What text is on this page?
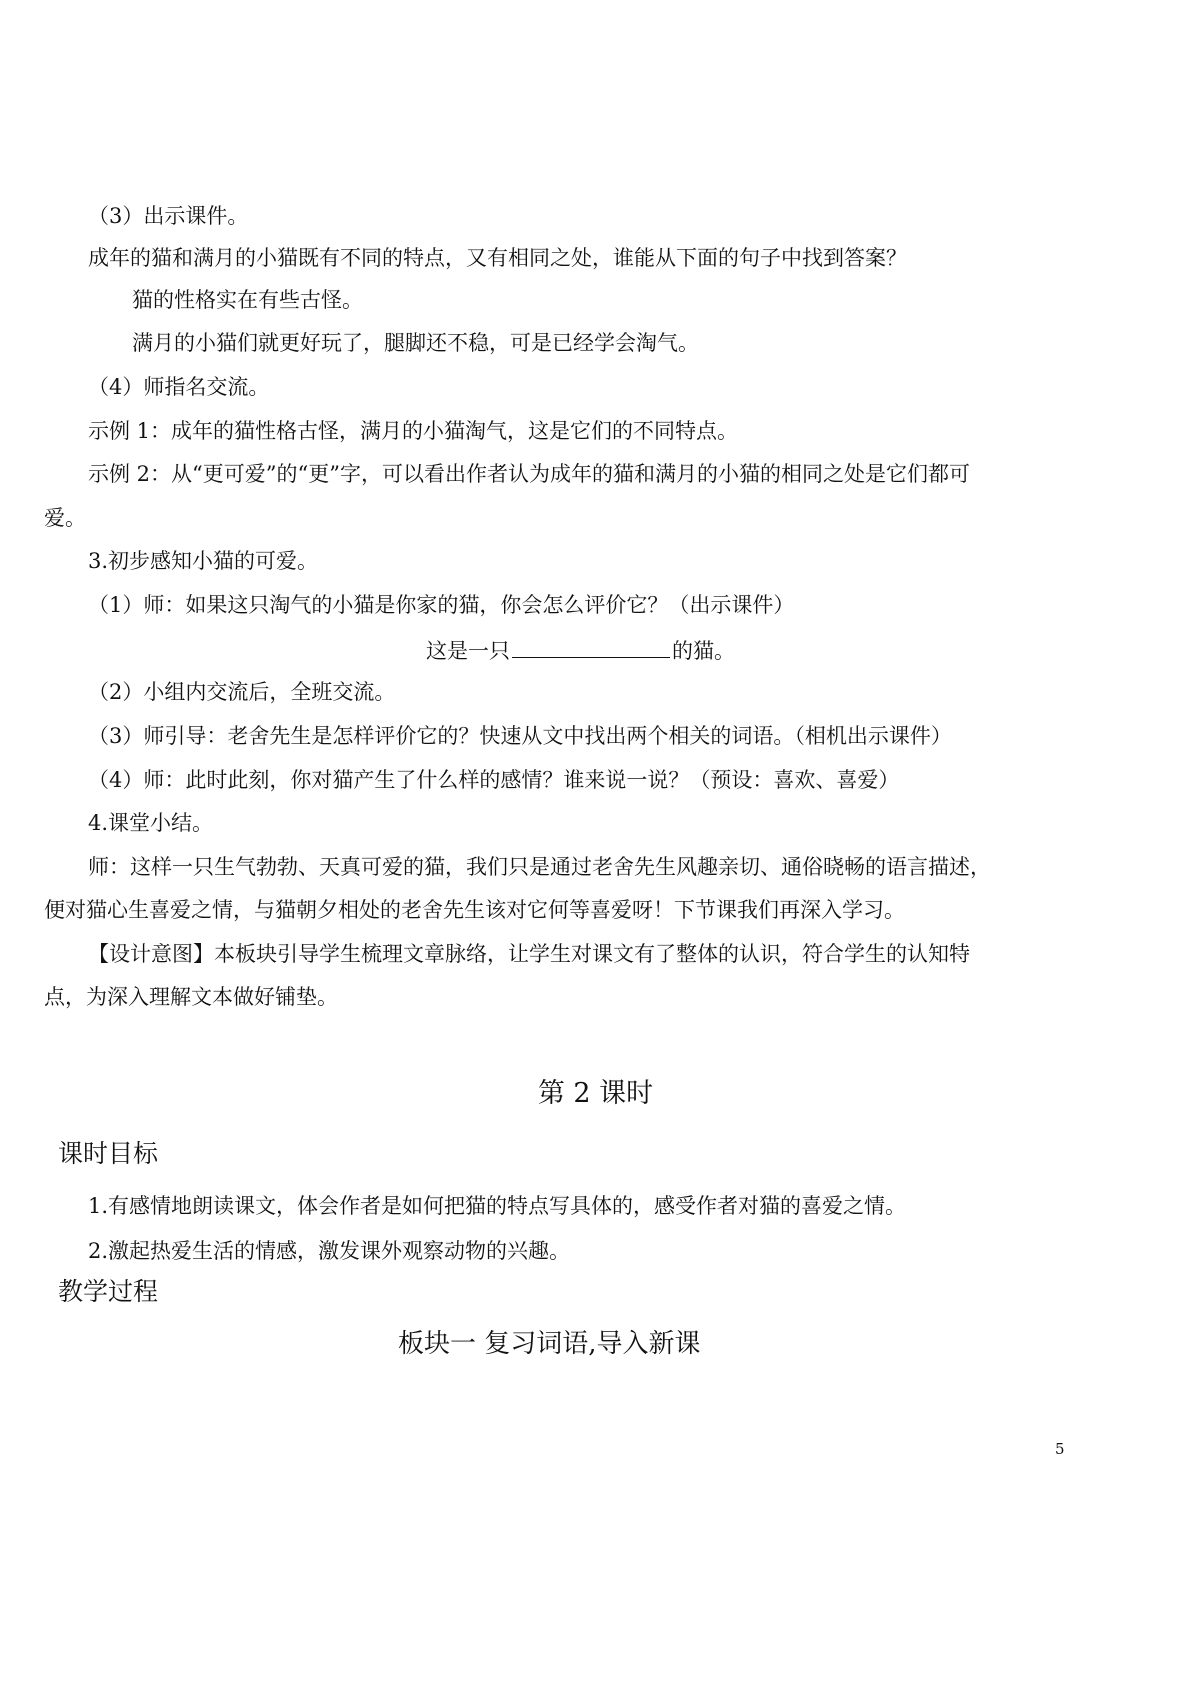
（3）出示课件。
成年的猫和满月的小猫既有不同的特点，又有相同之处，谁能从下面的句子中找到答案？
猫的性格实在有些古怪。
满月的小猫们就更好玩了，腿脚还不稳，可是已经学会淘气。
（4）师指名交流。
示例 1：成年的猫性格古怪，满月的小猫淘气，这是它们的不同特点。
示例 2：从“更可爱”的“更”字，可以看出作者认为成年的猫和满月的小猫的相同之处是它们都可
爱。
3.初步感知小猫的可爱。
（1）师：如果这只淘气的小猫是你家的猫，你会怎么评价它？（出示课件）
这是一只	的猫。
（2）小组内交流后，全班交流。
（3）师引导：老舍先生是怎样评价它的？快速从文中找出两个相关的词语。（相机出示课件）
（4）师：此时此刻，你对猫产生了什么样的感情？谁来说一说？（预设：喜欢、喜爱）
4.课堂小结。
师：这样一只生气勃勃、天真可爱的猫，我们只是通过老舍先生风趣亲切、通俗晓畅的语言描述，
便对猫心生喜爱之情，与猫朝夕相处的老舍先生该对它何等喜爱呀！下节课我们再深入学习。
【设计意图】本板块引导学生梳理文章脉络，让学生对课文有了整体的认识，符合学生的认知特
点，为深入理解文本做好铺垫。
第 2 课时
课时目标
1.有感情地朗读课文，体会作者是如何把猫的特点写具体的，感受作者对猫的喜爱之情。
2.激起热爱生活的情感，激发课外观察动物的兴趣。
教学过程
板块一 复习词语,导入新课
5
